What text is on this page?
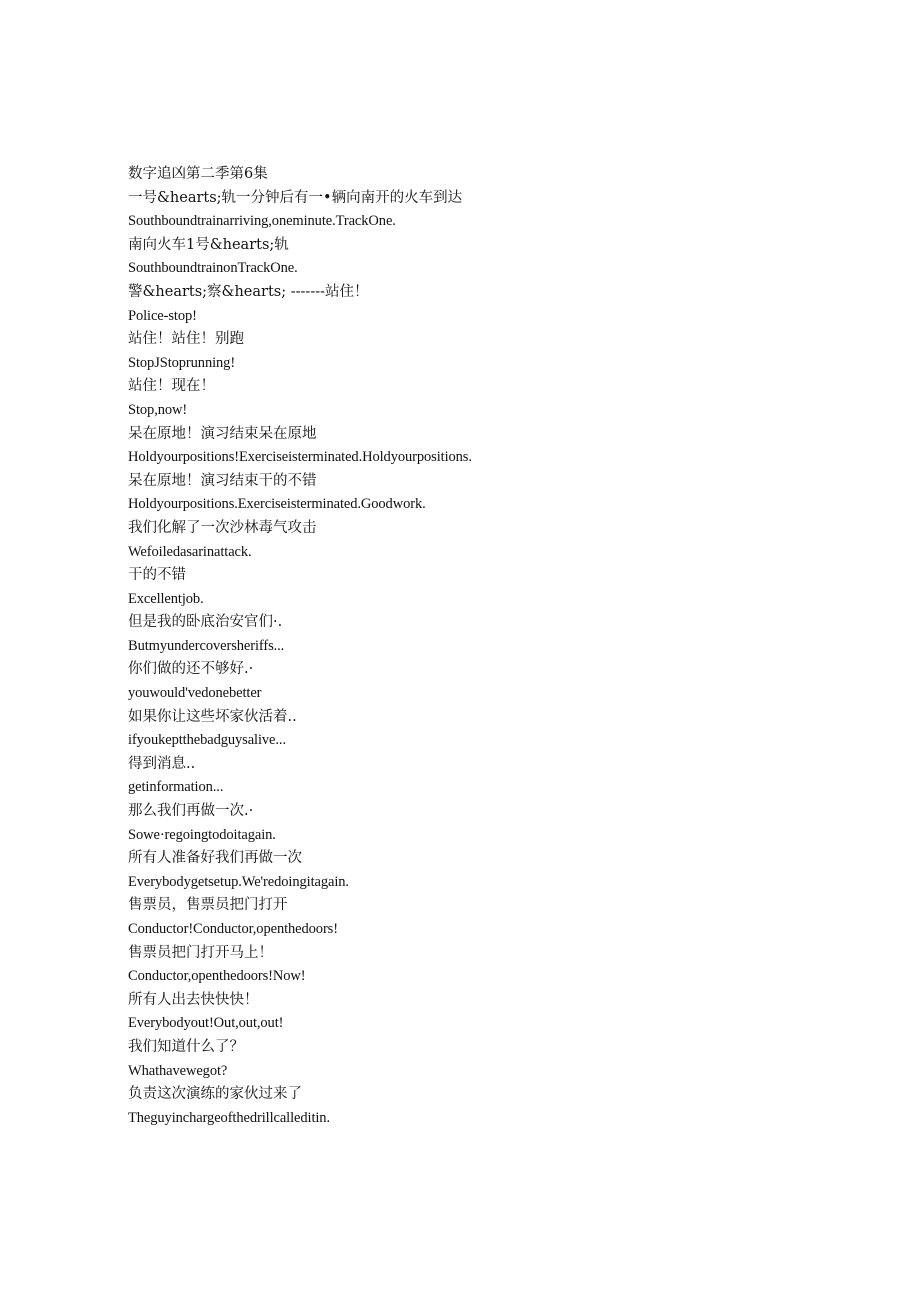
数字追凶第二季第6集
一号&hearts;轨一分钟后有一•辆向南开的火车到达
Southboundtrainarriving,oneminute.TrackOne.
南向火车1号&hearts;轨
SouthboundtrainonTrackOne.
警&hearts;察&hearts; -------站住！
Police-stop!
站住！站住！别跑
StopJStoprunning!
站住！现在！
Stop,now!
呆在原地！演习结束呆在原地
Holdyourpositions!Exerciseisterminated.Holdyourpositions.
呆在原地！演习结束干的不错
Holdyourpositions.Exerciseisterminated.Goodwork.
我们化解了一次沙林毒气攻击
Wefoiledasarinattack.
干的不错
Excellentjob.
但是我的卧底治安官们·.
Butmyundercoversheriffs...
你们做的还不够好.·
youwould'vedonebetter
如果你让这些坏家伙活着..
ifyoukeptthebadguysalive...
得到消息..
getinformation...
那么我们再做一次.·
Sowe·regoingtodoitagain.
所有人准备好我们再做一次
Everybodygetsetup.We'redoingitagain.
售票员，售票员把门打开
Conductor!Conductor,openthedoors!
售票员把门打开马上！
Conductor,openthedoors!Now!
所有人出去快快快！
Everybodyout!Out,out,out!
我们知道什么了？
Whathavewegot?
负责这次演练的家伙过来了
Theguyinchargeofthedrillcalleditin.
